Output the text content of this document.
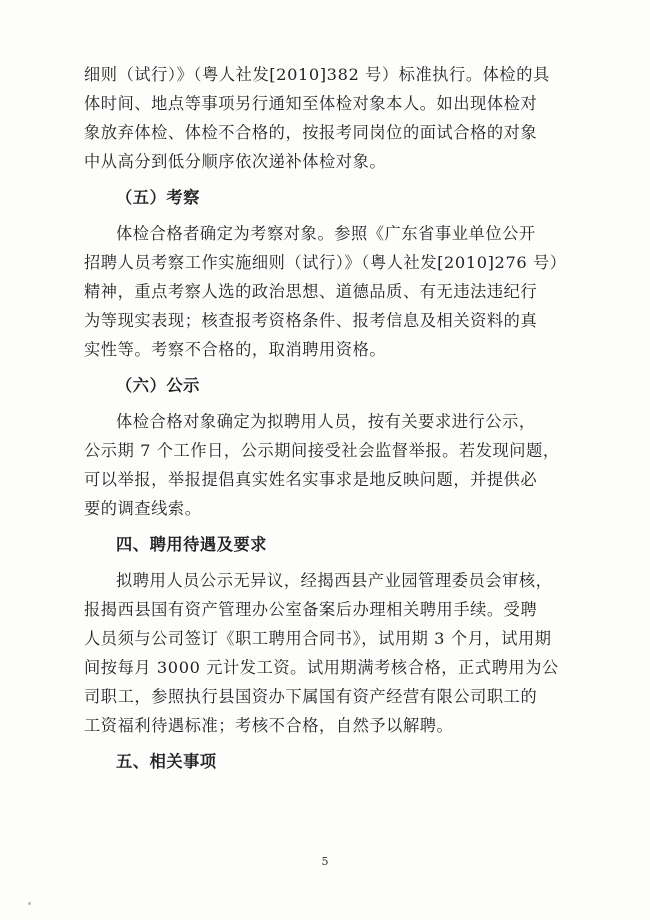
细则（试行）》（粤人社发[2010]382 号）标准执行。体检的具

体时间、地点等事项另行通知至体检对象本人。如出现体检对

象放弃体检、体检不合格的，按报考同岗位的面试合格的对象

中从高分到低分顺序依次递补体检对象。

（五）考察

体检合格者确定为考察对象。参照《广东省事业单位公开

招聘人员考察工作实施细则（试行）》（粤人社发[2010]276 号）

精神，重点考察人选的政治思想、道德品质、有无违法违纪行

为等现实表现；核查报考资格条件、报考信息及相关资料的真

实性等。考察不合格的，取消聘用资格。

（六）公示

体检合格对象确定为拟聘用人员，按有关要求进行公示，

公示期 7 个工作日，公示期间接受社会监督举报。若发现问题，

可以举报，举报提倡真实姓名实事求是地反映问题，并提供必

要的调查线索。

四、聘用待遇及要求

拟聘用人员公示无异议，经揭西县产业园管理委员会审核，

报揭西县国有资产管理办公室备案后办理相关聘用手续。受聘

人员须与公司签订《职工聘用合同书》，试用期 3 个月，试用期

间按每月 3000 元计发工资。试用期满考核合格，正式聘用为公

司职工，参照执行县国资办下属国有资产经营有限公司职工的

工资福利待遇标准；考核不合格，自然予以解聘。

五、相关事项

5
